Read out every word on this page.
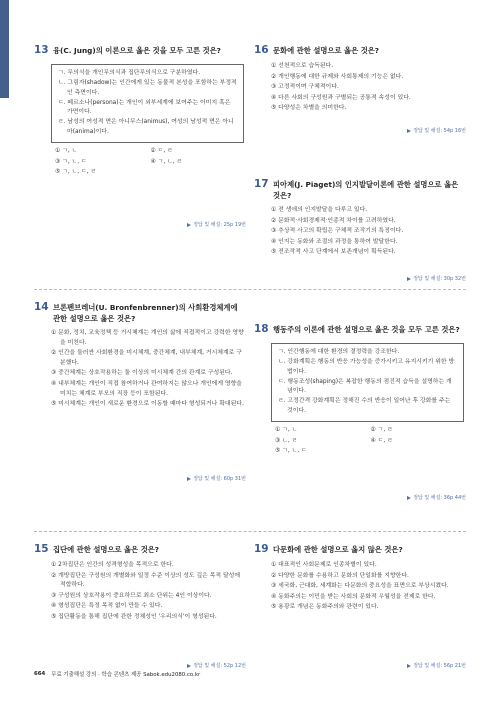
13 융(C. Jung)의 이론으로 옳은 것을 모두 고른 것은?
ㄱ. 무의식을 개인무의식과 집단무의식으로 구분하였다.
ㄴ. 그림자(shadow)는 인간에게 있는 동물적 본성을 포함하는 부정적인 측면이다.
ㄷ. 페르소나(persona)는 개인이 외부세계에 보여주는 이미지 혹은 가면이다.
ㄹ. 남성의 여성적 면은 아니무스(animus), 여성의 남성적 면은 아니마(anima)이다.
① ㄱ, ㄴ	② ㄷ, ㄹ
③ ㄱ, ㄴ, ㄷ	④ ㄱ, ㄴ, ㄹ
⑤ ㄱ, ㄴ, ㄷ, ㄹ
정답 및 해설: 25p 19번
14 브론펜브레너(U. Bronfenbrenner)의 사회환경체계에 관한 설명으로 옳은 것은?
① 문화, 정치, 교육정책 등 거시체계는 개인의 삶에 직접적이고 강력한 영향을 미친다.
② 인간을 둘러싼 사회환경을 미시체계, 중간체계, 내부체계, 거시체계로 구분했다.
③ 중간체계는 상호작용하는 둘 이상의 미시체계 간의 관계로 구성된다.
④ 내부체계는 개인이 직접 참여하거나 관여하지는 않으나 개인에게 영향을 미치는 체계로 부모의 직장 등이 포함된다.
⑤ 미시체계는 개인이 새로운 환경으로 이동할 때마다 형성되거나 확대된다.
정답 및 해설: 60p 31번
15 집단에 관한 설명으로 옳은 것은?
① 2차집단은 인간의 성격형성을 목적으로 한다.
② 개방집단은 구성원의 개별화와 일정 수준 이상의 성도 깊은 목적 달성에 적합하다.
③ 구성원의 상호작용이 중요하므로 최소 단위는 4인 이상이다.
④ 형성집단은 특정 목적 없이 만들 수 있다.
⑤ 집단활동을 통해 집단에 관한 정체성인 '우리의식'이 형성된다.
정답 및 해설: 52p 12번
16 문화에 관한 설명으로 옳은 것은?
① 선천적으로 습득된다.
② 개인행동에 대한 규제와 사회통제의 기능은 없다.
③ 고정적이며 구체적이다.
④ 다른 사회의 구성원과 구별되는 공통적 속성이 있다.
⑤ 다양성은 차별을 의미한다.
정답 및 해설: 54p 16번
17 피아제(J. Piaget)의 인지발달이론에 관한 설명으로 옳은 것은?
① 전 생애의 인지발달을 다루고 있다.
② 문화적·사회경제적·인종적 차이를 고려하였다.
③ 추상적 사고의 확립은 구체적 조작기의 특징이다.
④ 인지는 동화와 조절의 과정을 통하여 발달한다.
⑤ 전조작적 사고 단계에서 보존개념이 획득된다.
정답 및 해설: 30p 32번
18 행동주의 이론에 관한 설명으로 옳은 것을 모두 고른 것은?
ㄱ. 인간행동에 대한 환경의 결정력을 강조한다.
ㄴ. 강화계획은 행동의 반응 가능성을 증가시키고 유지시키기 위한 방법이다.
ㄷ. 행동조성(shaping)은 복잡한 행동의 점진적 습득을 설명하는 개념이다.
ㄹ. 고정간격 강화계획은 정해진 수의 반응이 일어난 후 강화를 주는 것이다.
① ㄱ, ㄴ	② ㄱ, ㄹ
③ ㄴ, ㄹ	④ ㄷ, ㄹ
⑤ ㄱ, ㄴ, ㄷ
정답 및 해설: 36p 44번
19 다문화에 관한 설명으로 옳지 않은 것은?
① 대표적인 사회문제로 인종차별이 있다.
② 다양한 문화를 수용하고 문화의 단일화를 지향한다.
③ 세국화, 근대화, 세계화는 다문화의 중요성을 표면으로 부상시켰다.
④ 동화주의는 이민을 받는 사회의 문화적 우월성을 전제로 한다.
⑤ 용광로 개념은 동화주의와 관련이 있다.
정답 및 해설: 56p 21번
664 무료 기출해설 강의 · 학습 콘텐츠 제공 Sabok.edu2080.co.kr
